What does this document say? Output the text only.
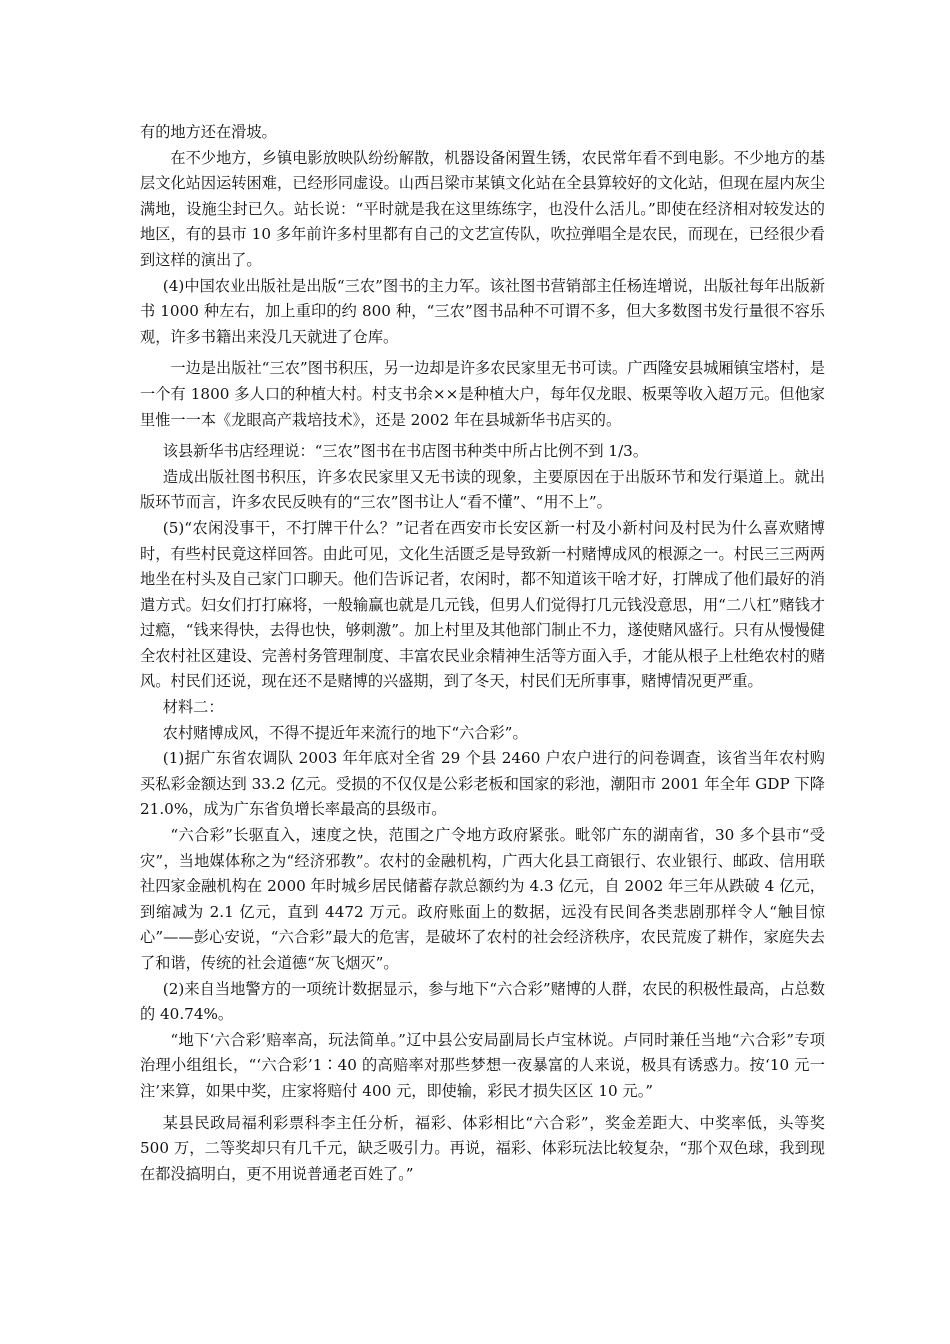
有的地方还在滑坡。

在不少地方，乡镇电影放映队纷纷解散，机器设备闲置生锈，农民常年看不到电影。不少地方的基层文化站因运转困难，已经形同虚设。山西吕梁市某镇文化站在全县算较好的文化站，但现在屋内灰尘满地，设施尘封已久。站长说：“平时就是我在这里练练字，也没什么活儿。”即使在经济相对较发达的地区，有的县市 10 多年前许多村里都有自己的文艺宣传队，吹拉弹唱全是农民，而现在，已经很少看到这样的演出了。

(4)中国农业出版社是出版“三农”图书的主力军。该社图书营销部主任杨连增说，出版社每年出版新书 1000 种左右，加上重印的约 800 种，“三农”图书品种不可谓不多，但大多数图书发行量很不容乐观，许多书籍出来没几天就进了仓库。

一边是出版社“三农”图书积压，另一边却是许多农民家里无书可读。广西隆安县城厢镇宝塔村，是一个有 1800 多人口的种植大村。村支书余××是种植大户，每年仅龙眼、板栗等收入超万元。但他家里惟一一本《龙眼高产栽培技术》，还是 2002 年在县城新华书店买的。

该县新华书店经理说：“三农”图书在书店图书种类中所占比例不到 1/3。

造成出版社图书积压，许多农民家里又无书读的现象，主要原因在于出版环节和发行渠道上。就出版环节而言，许多农民反映有的“三农”图书让人“看不懂”、“用不上”。

(5)“农闲没事干，不打牌干什么？”记者在西安市长安区新一村及小新村问及村民为什么喜欢赌博时，有些村民竟这样回答。由此可见，文化生活匮乏是导致新一村赌博成风的根源之一。村民三三两两地坐在村头及自己家门口聊天。他们告诉记者，农闲时，都不知道该干啥才好，打牌成了他们最好的消遣方式。妇女们打打麻将，一般输赢也就是几元钱，但男人们觉得打几元钱没意思，用“二八杠”赌钱才过瘾，“钱来得快，去得也快，够刺激”。加上村里及其他部门制止不力，遂使赌风盛行。只有从慢慢健全农村社区建设、完善村务管理制度、丰富农民业余精神生活等方面入手，才能从根子上杜绝农村的赌风。村民们还说，现在还不是赌博的兴盛期，到了冬天，村民们无所事事，赌博情况更严重。

材料二：

农村赌博成风，不得不提近年来流行的地下“六合彩”。

(1)据广东省农调队 2003 年年底对全省 29 个县 2460 户农户进行的问卷调查，该省当年农村购买私彩金额达到 33.2 亿元。受损的不仅仅是公彩老板和国家的彩池，潮阳市 2001 年全年 GDP 下降 21.0%，成为广东省负增长率最高的县级市。

“六合彩”长驱直入，速度之快，范围之广令地方政府紧张。毗邻广东的湖南省，30 多个县市“受灾”，当地媒体称之为“经济邪教”。农村的金融机构，广西大化县工商银行、农业银行、邮政、信用联社四家金融机构在 2000 年时城乡居民储蓄存款总额约为 4.3 亿元，自 2002 年三年从跌破 4 亿元，到缩减为 2.1 亿元，直到 4472 万元。政府账面上的数据，远没有民间各类悲剧那样令人“触目惊心”——彭心安说，“六合彩”最大的危害，是破坏了农村的社会经济秩序，农民荒废了耕作，家庭失去了和谐，传统的社会道德“灰飞烟灭”。

(2)来自当地警方的一项统计数据显示，参与地下“六合彩”赌博的人群，农民的积极性最高，占总数的 40.74%。

“地下‘六合彩’赔率高，玩法简单。”辽中县公安局副局长卢宝林说。卢同时兼任当地“六合彩”专项治理小组组长，“‘六合彩’1∶40 的高赔率对那些梦想一夜暴富的人来说，极具有诱惑力。按‘10 元一注’来算，如果中奖，庄家将赔付 400 元，即使输，彩民才损失区区 10 元。”

某县民政局福利彩票科李主任分析，福彩、体彩相比“六合彩”，奖金差距大、中奖率低，头等奖 500 万，二等奖却只有几千元，缺乏吸引力。再说，福彩、体彩玩法比较复杂，“那个双色球，我到现在都没搞明白，更不用说普通老百姓了。”
